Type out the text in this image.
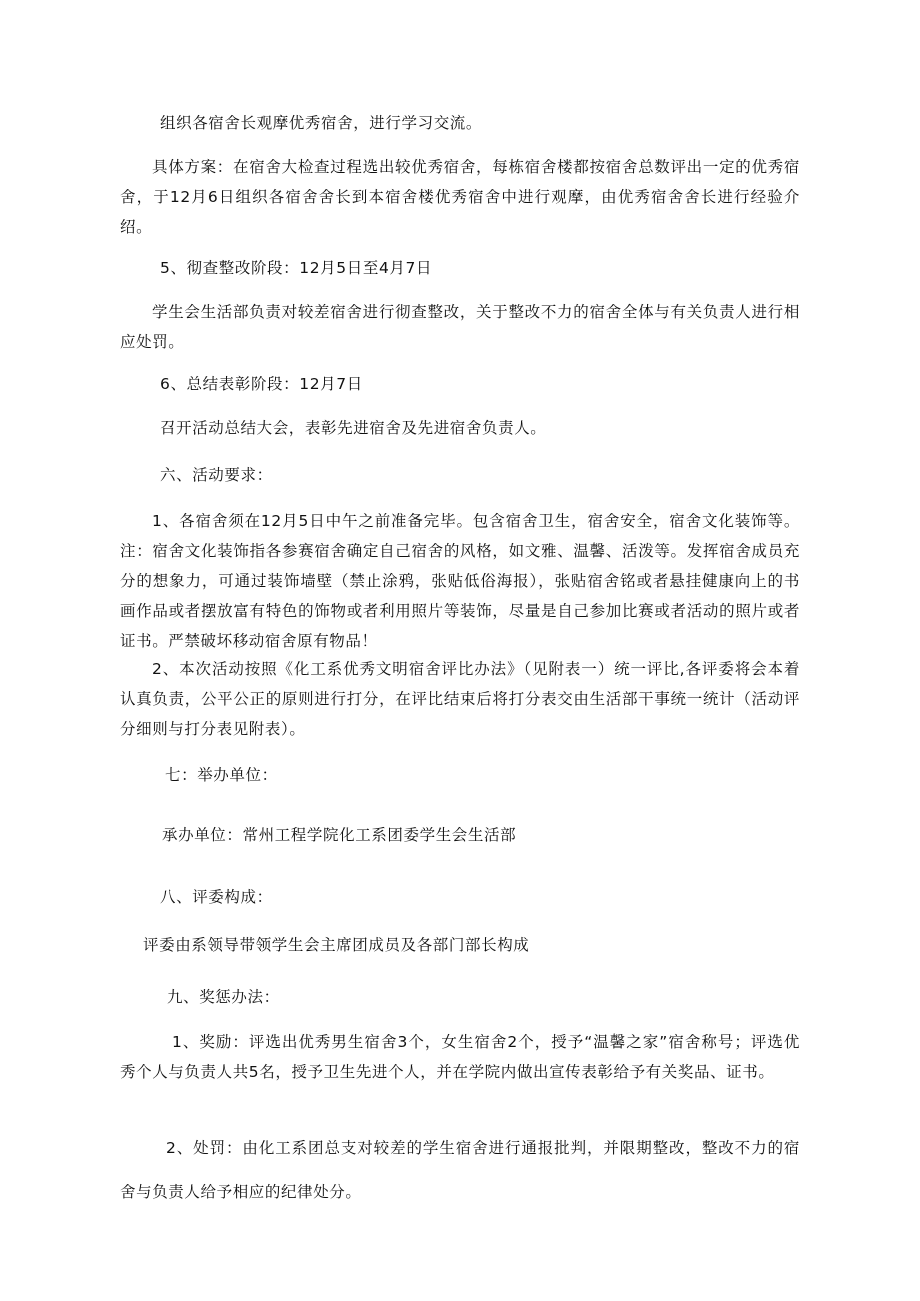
组织各宿舍长观摩优秀宿舍，进行学习交流。

具体方案：在宿舍大检查过程选出较优秀宿舍，每栋宿舍楼都按宿舍总数评出一定的优秀宿舍，于12月6日组织各宿舍舍长到本宿舍楼优秀宿舍中进行观摩，由优秀宿舍舍长进行经验介绍。

5、彻查整改阶段：12月5日至4月7日

学生会生活部负责对较差宿舍进行彻查整改，关于整改不力的宿舍全体与有关负责人进行相应处罚。

6、总结表彰阶段：12月7日

召开活动总结大会，表彰先进宿舍及先进宿舍负责人。

六、活动要求：

1、各宿舍须在12月5日中午之前准备完毕。包含宿舍卫生，宿舍安全，宿舍文化装饰等。注：宿舍文化装饰指各参赛宿舍确定自己宿舍的风格，如文雅、温馨、活泼等。发挥宿舍成员充分的想象力，可通过装饰墙壁（禁止涂鸦，张贴低俗海报），张贴宿舍铭或者悬挂健康向上的书画作品或者摆放富有特色的饰物或者利用照片等装饰，尽量是自己参加比赛或者活动的照片或者证书。严禁破坏移动宿舍原有物品！

2、本次活动按照《化工系优秀文明宿舍评比办法》（见附表一）统一评比,各评委将会本着认真负责，公平公正的原则进行打分，在评比结束后将打分表交由生活部干事统一统计（活动评分细则与打分表见附表）。

七：举办单位：

承办单位：常州工程学院化工系团委学生会生活部

八、评委构成：

评委由系领导带领学生会主席团成员及各部门部长构成

九、奖惩办法：

1、奖励：评选出优秀男生宿舍3个，女生宿舍2个，授予“温馨之家”宿舍称号；评选优秀个人与负责人共5名，授予卫生先进个人，并在学院内做出宣传表彰给予有关奖品、证书。

2、处罚：由化工系团总支对较差的学生宿舍进行通报批判，并限期整改，整改不力的宿舍与负责人给予相应的纪律处分。
